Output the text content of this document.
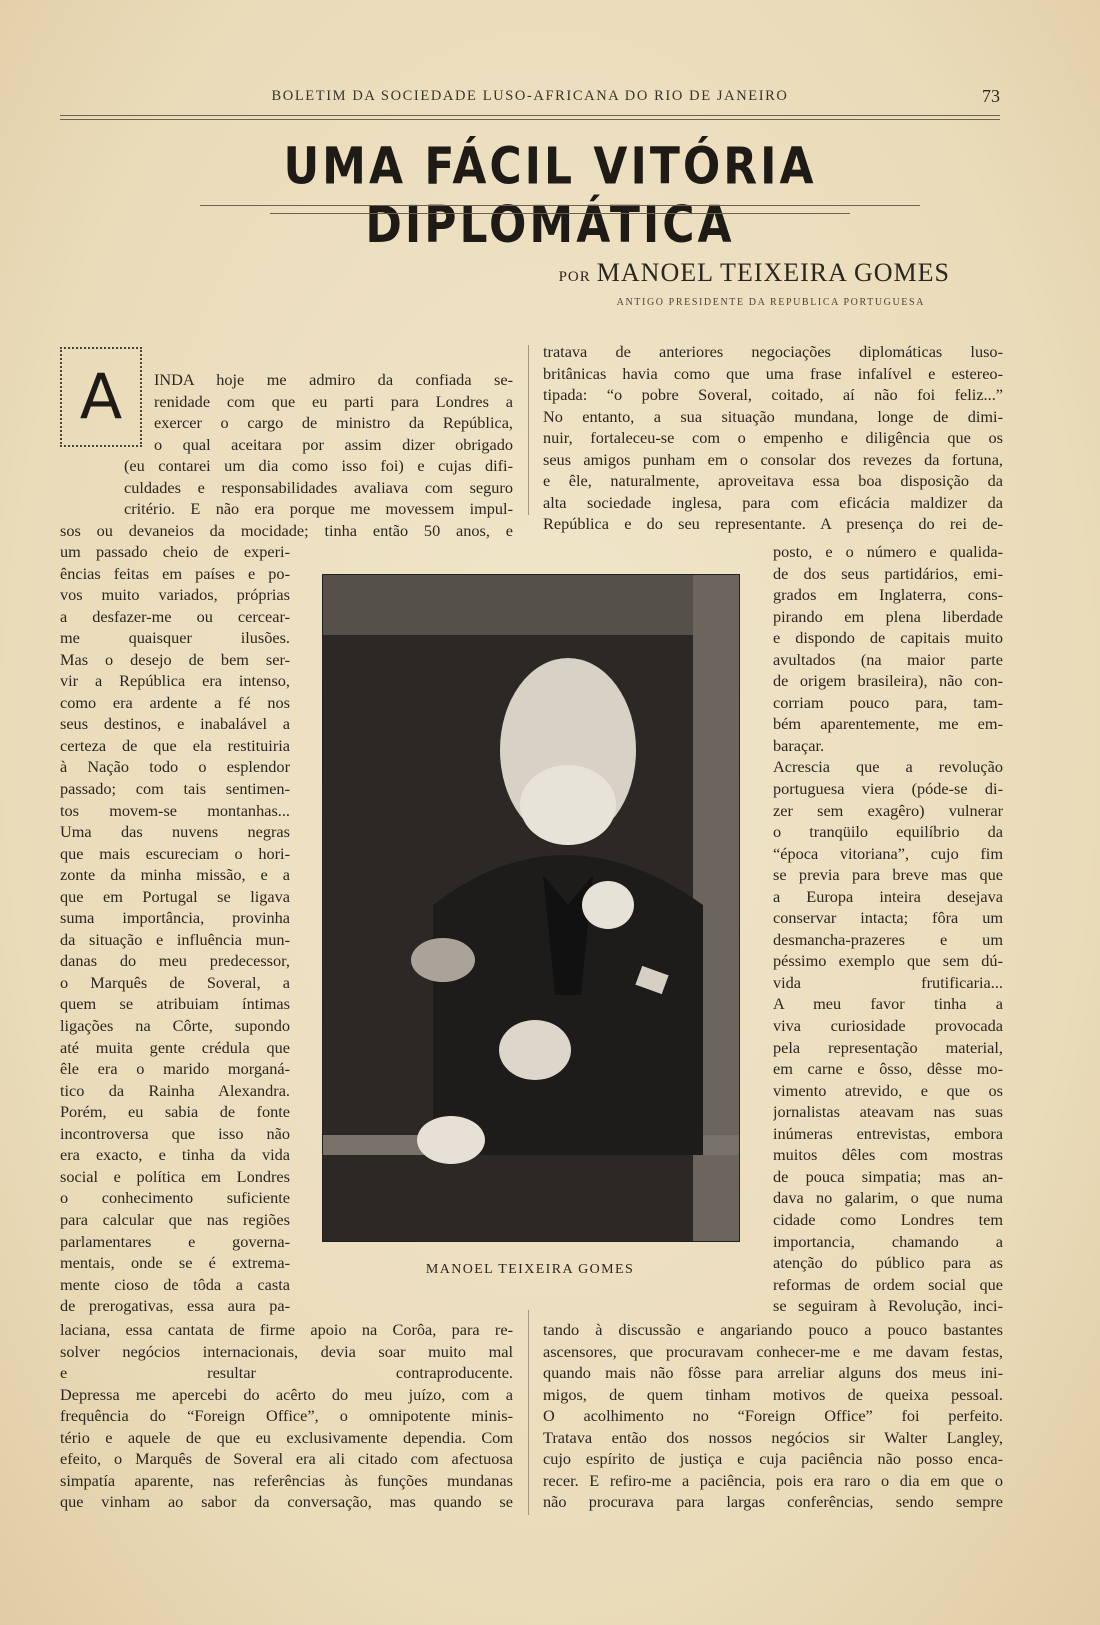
BOLETIM DA SOCIEDADE LUSO-AFRICANA DO RIO DE JANEIRO	73
UMA FÁCIL VITÓRIA DIPLOMÁTICA
POR MANOEL TEIXEIRA GOMES
ANTIGO PRESIDENTE DA REPUBLICA PORTUGUESA
A	INDA hoje me admiro da confiada se-
renidade com que eu parti para Londres a
exercer o cargo de ministro da República,
o qual aceitara por assim dizer obrigado
(eu contarei um dia como isso foi) e cujas difi-
culdades e responsabilidades avaliava com seguro
critério. E não era porque me movessem impul-
sos ou devaneios da mocidade; tinha então 50 anos, e
um passado cheio de experi-
ências feitas em países e po-
vos muito variados, próprias
a desfazer-me ou cercear-
me quaisquer ilusões.
Mas o desejo de bem ser-
vir a República era intenso,
como era ardente a fé nos
seus destinos, e inabalável a
certeza de que ela restituiria
à Nação todo o esplendor
passado; com tais sentimen-
tos movem-se montanhas...
Uma das nuvens negras
que mais escureciam o hori-
zonte da minha missão, e a
que em Portugal se ligava
suma importância, provinha
da situação e influência mun-
danas do meu predecessor,
o Marquês de Soveral, a
quem se atribuiam íntimas
ligações na Côrte, supondo
até muita gente crédula que
êle era o marido morganá-
tico da Rainha Alexandra.
Porém, eu sabia de fonte
incontroversa que isso não
era exacto, e tinha da vida
social e política em Londres
o conhecimento suficiente
para calcular que nas regiões
parlamentares e governa-
mentais, onde se é extrema-
mente cioso de tôda a casta
de prerogativas, essa aura pa-
laciana, essa cantata de firme apoio na Corôa, para re-
solver negócios internacionais, devia soar muito mal
e resultar contraproducente.
Depressa me apercebi do acêrto do meu juízo, com a
frequência do “Foreign Office”, o omnipotente minis-
tério e aquele de que eu exclusivamente dependia. Com
efeito, o Marquês de Soveral era ali citado com afectuosa
simpatía aparente, nas referências às funções mundanas
que vinham ao sabor da conversação, mas quando se
tratava de anteriores negociações diplomáticas luso-
britânicas havia como que uma frase infalível e estereo-
tipada: “o pobre Soveral, coitado, aí não foi feliz...”
No entanto, a sua situação mundana, longe de dimi-
nuir, fortaleceu-se com o empenho e diligência que os
seus amigos punham em o consolar dos revezes da fortuna,
e êle, naturalmente, aproveitava essa boa disposição da
alta sociedade inglesa, para com eficácia maldizer da
República e do seu representante. A presença do rei de-
posto, e o número e qualida-
de dos seus partidários, emi-
grados em Inglaterra, cons-
pirando em plena liberdade
e dispondo de capitais muito
avultados (na maior parte
de origem brasileira), não con-
corriam pouco para, tam-
bém aparentemente, me em-
baraçar.
Acrescia que a revolução
portuguesa viera (póde-se di-
zer sem exagêro) vulnerar
o tranqüilo equilíbrio da
“época vitoriana”, cujo fim
se previa para breve mas que
a Europa inteira desejava
conservar intacta; fôra um
desmancha-prazeres e um
péssimo exemplo que sem dú-
vida frutificaria...
A meu favor tinha a
viva curiosidade provocada
pela representação material,
em carne e ôsso, dêsse mo-
vimento atrevido, e que os
jornalistas ateavam nas suas
inúmeras entrevistas, embora
muitos dêles com mostras
de pouca simpatia; mas an-
dava no galarim, o que numa
cidade como Londres tem
importancia, chamando a
atenção do público para as
reformas de ordem social que
se seguiram à Revolução, inci-
tando à discussão e angariando pouco a pouco bastantes
ascensores, que procuravam conhecer-me e me davam festas,
quando mais não fôsse para arreliar alguns dos meus ini-
migos, de quem tinham motivos de queixa pessoal.
O acolhimento no “Foreign Office” foi perfeito.
Tratava então dos nossos negócios sir Walter Langley,
cujo espírito de justiça e cuja paciência não posso enca-
recer. E refiro-me a paciência, pois era raro o dia em que o
não procurava para largas conferências, sendo sempre
MANOEL TEIXEIRA GOMES
